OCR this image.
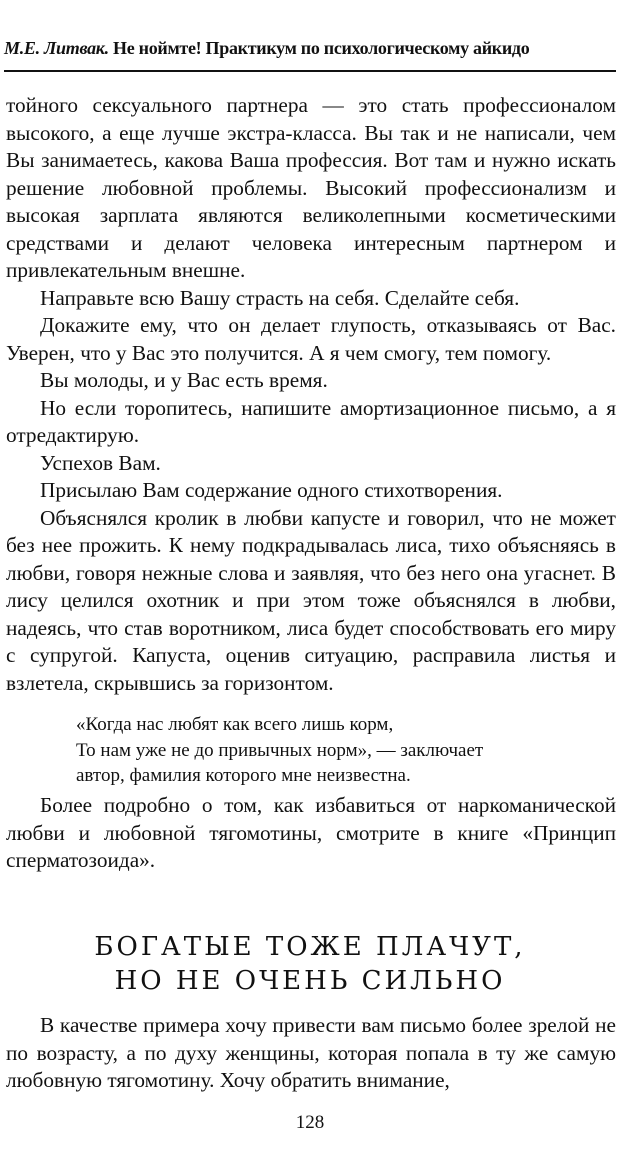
М.Е. Литвак. Не ноймте! Практикум по психологическому айкидо

тойного сексуального партнера — это стать профессионалом высокого, а еще лучше экстра-класса. Вы так и не написали, чем Вы занимаетесь, какова Ваша профессия. Вот там и нужно искать решение любовной проблемы. Высокий профессионализм и высокая зарплата являются великолепными косметическими средствами и делают человека интересным партнером и привлекательным внешне.

Направьте всю Вашу страсть на себя. Сделайте себя.

Докажите ему, что он делает глупость, отказываясь от Вас. Уверен, что у Вас это получится. А я чем смогу, тем помогу.

Вы молоды, и у Вас есть время.

Но если торопитесь, напишите амортизационное письмо, а я отредактирую.

Успехов Вам.

Присылаю Вам содержание одного стихотворения.

Объяснялся кролик в любви капусте и говорил, что не может без нее прожить. К нему подкрадывалась лиса, тихо объясняясь в любви, говоря нежные слова и заявляя, что без него она угаснет. В лису целился охотник и при этом тоже объяснялся в любви, надеясь, что став воротником, лиса будет способствовать его миру с супругой. Капуста, оценив ситуацию, расправила листья и взлетела, скрывшись за горизонтом.

«Когда нас любят как всего лишь корм,
То нам уже не до привычных норм», — заключает
автор, фамилия которого мне неизвестна.

Более подробно о том, как избавиться от наркоманической любви и любовной тягомотины, смотрите в книге «Принцип сперматозоида».

БОГАТЫЕ ТОЖЕ ПЛАЧУТ,
НО НЕ ОЧЕНЬ СИЛЬНО

В качестве примера хочу привести вам письмо более зрелой не по возрасту, а по духу женщины, которая попала в ту же самую любовную тягомотину. Хочу обратить внимание,

128
